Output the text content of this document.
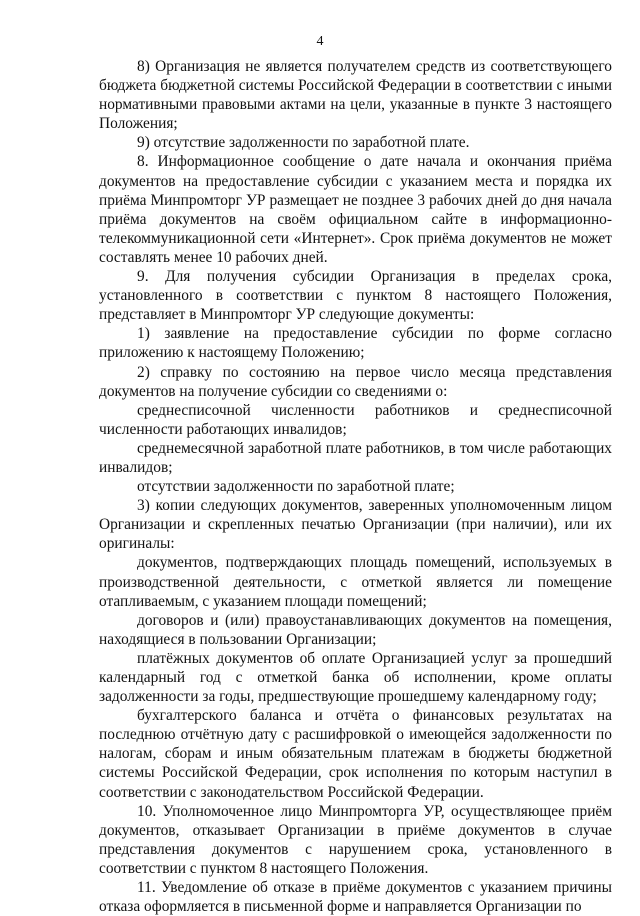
4

8) Организация не является получателем средств из соответствующего бюджета бюджетной системы Российской Федерации в соответствии с иными нормативными правовыми актами на цели, указанные в пункте 3 настоящего Положения;

9) отсутствие задолженности по заработной плате.

8. Информационное сообщение о дате начала и окончания приёма документов на предоставление субсидии с указанием места и порядка их приёма Минпромторг УР размещает не позднее 3 рабочих дней до дня начала приёма документов на своём официальном сайте в информационно-телекоммуникационной сети «Интернет». Срок приёма документов не может составлять менее 10 рабочих дней.

9. Для получения субсидии Организация в пределах срока, установленного в соответствии с пунктом 8 настоящего Положения, представляет в Минпромторг УР следующие документы:

1) заявление на предоставление субсидии по форме согласно приложению к настоящему Положению;

2) справку по состоянию на первое число месяца представления документов на получение субсидии со сведениями о:

среднесписочной численности работников и среднесписочной численности работающих инвалидов;

среднемесячной заработной плате работников, в том числе работающих инвалидов;

отсутствии задолженности по заработной плате;

3) копии следующих документов, заверенных уполномоченным лицом Организации и скрепленных печатью Организации (при наличии), или их оригиналы:

документов, подтверждающих площадь помещений, используемых в производственной деятельности, с отметкой является ли помещение отапливаемым, с указанием площади помещений;

договоров и (или) правоустанавливающих документов на помещения, находящиеся в пользовании Организации;

платёжных документов об оплате Организацией услуг за прошедший календарный год с отметкой банка об исполнении, кроме оплаты задолженности за годы, предшествующие прошедшему календарному году;

бухгалтерского баланса и отчёта о финансовых результатах на последнюю отчётную дату с расшифровкой о имеющейся задолженности по налогам, сборам и иным обязательным платежам в бюджеты бюджетной системы Российской Федерации, срок исполнения по которым наступил в соответствии с законодательством Российской Федерации.

10. Уполномоченное лицо Минпромторга УР, осуществляющее приём документов, отказывает Организации в приёме документов в случае представления документов с нарушением срока, установленного в соответствии с пунктом 8 настоящего Положения.

11. Уведомление об отказе в приёме документов с указанием причины отказа оформляется в письменной форме и направляется Организации по
